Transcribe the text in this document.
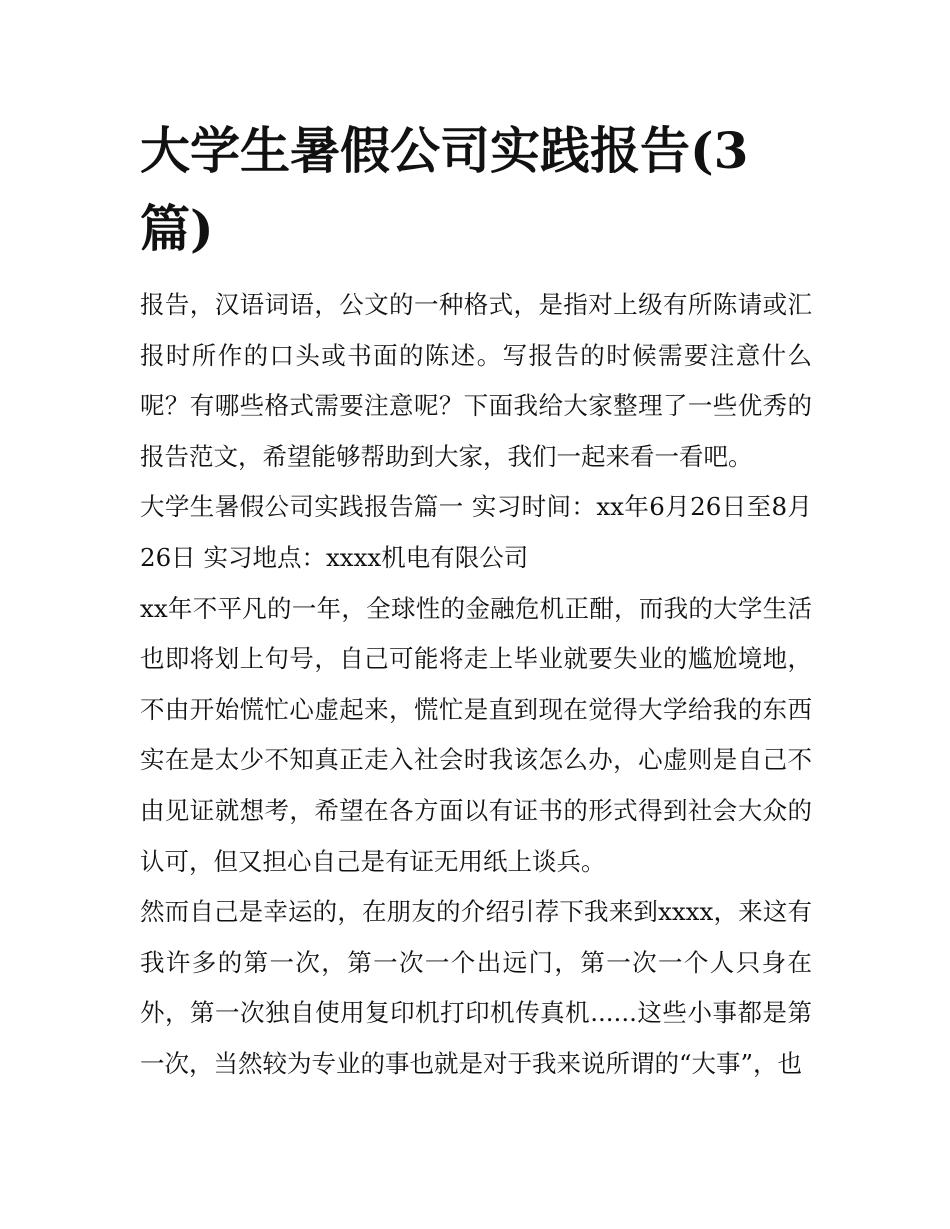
大学生暑假公司实践报告(3篇)

报告，汉语词语，公文的一种格式，是指对上级有所陈请或汇报时所作的口头或书面的陈述。写报告的时候需要注意什么呢？有哪些格式需要注意呢？下面我给大家整理了一些优秀的报告范文，希望能够帮助到大家，我们一起来看一看吧。

大学生暑假公司实践报告篇一 实习时间：xx年6月26日至8月26日 实习地点：xxxx机电有限公司

xx年不平凡的一年，全球性的金融危机正酣，而我的大学生活也即将划上句号，自己可能将走上毕业就要失业的尴尬境地，不由开始慌忙心虚起来，慌忙是直到现在觉得大学给我的东西实在是太少不知真正走入社会时我该怎么办，心虚则是自己不由见证就想考，希望在各方面以有证书的形式得到社会大众的认可，但又担心自己是有证无用纸上谈兵。

然而自己是幸运的，在朋友的介绍引荐下我来到xxxx，来这有我许多的第一次，第一次一个出远门，第一次一个人只身在外，第一次独自使用复印机打印机传真机......这些小事都是第一次，当然较为专业的事也就是对于我来说所谓的“大事”，也
